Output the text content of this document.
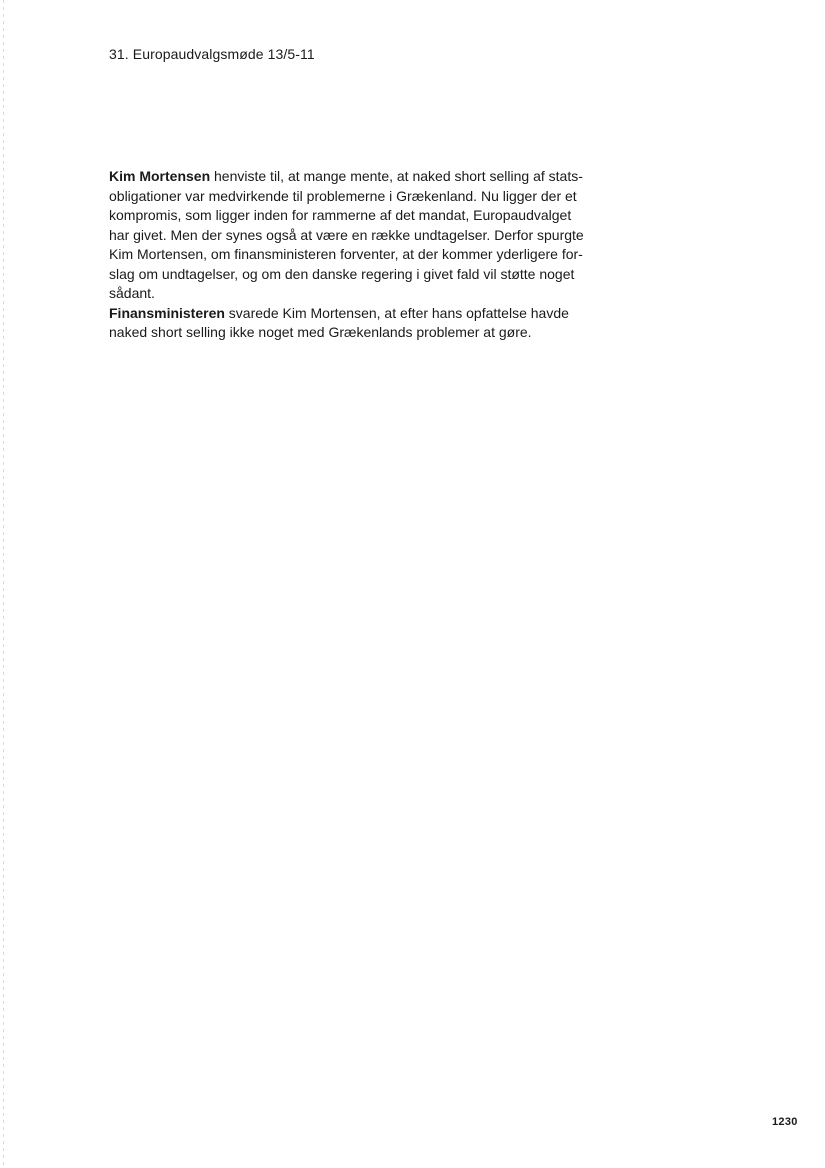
31. Europaudvalgsmøde 13/5-11

Kim Mortensen henviste til, at mange mente, at naked short selling af stats-
obligationer var medvirkende til problemerne i Grækenland. Nu ligger der et
kompromis, som ligger inden for rammerne af det mandat, Europaudvalget
har givet. Men der synes også at være en række undtagelser. Derfor spurgte
Kim Mortensen, om finansministeren forventer, at der kommer yderligere for-
slag om undtagelser, og om den danske regering i givet fald vil støtte noget
sådant.

Finansministeren svarede Kim Mortensen, at efter hans opfattelse havde
naked short selling ikke noget med Grækenlands problemer at gøre.

1230
